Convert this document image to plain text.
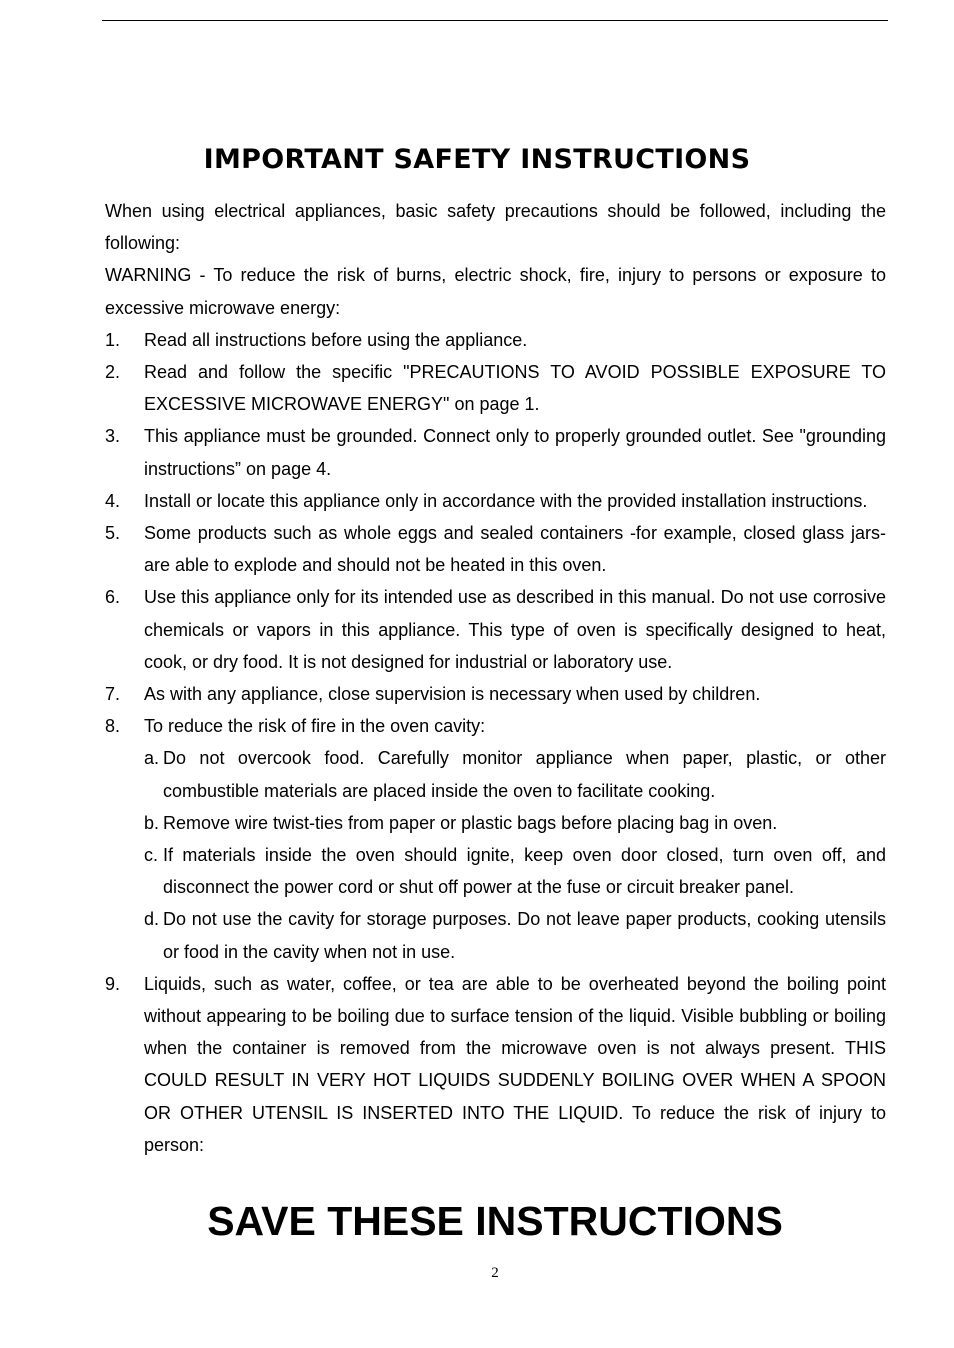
IMPORTANT SAFETY INSTRUCTIONS

When using electrical appliances, basic safety precautions should be followed, including the following:

WARNING - To reduce the risk of burns, electric shock, fire, injury to persons or exposure to excessive microwave energy:

1. Read all instructions before using the appliance.
2. Read and follow the specific "PRECAUTIONS TO AVOID POSSIBLE EXPOSURE TO EXCESSIVE MICROWAVE ENERGY" on page 1.
3. This appliance must be grounded. Connect only to properly grounded outlet. See "grounding instructions” on page 4.
4. Install or locate this appliance only in accordance with the provided installation instructions.
5. Some products such as whole eggs and sealed containers -for example, closed glass jars- are able to explode and should not be heated in this oven.
6. Use this appliance only for its intended use as described in this manual. Do not use corrosive chemicals or vapors in this appliance. This type of oven is specifically designed to heat, cook, or dry food. It is not designed for industrial or laboratory use.
7. As with any appliance, close supervision is necessary when used by children.
8. To reduce the risk of fire in the oven cavity:
a. Do not overcook food. Carefully monitor appliance when paper, plastic, or other combustible materials are placed inside the oven to facilitate cooking.
b. Remove wire twist-ties from paper or plastic bags before placing bag in oven.
c. If materials inside the oven should ignite, keep oven door closed, turn oven off, and disconnect the power cord or shut off power at the fuse or circuit breaker panel.
d. Do not use the cavity for storage purposes. Do not leave paper products, cooking utensils or food in the cavity when not in use.
9. Liquids, such as water, coffee, or tea are able to be overheated beyond the boiling point without appearing to be boiling due to surface tension of the liquid. Visible bubbling or boiling when the container is removed from the microwave oven is not always present. THIS COULD RESULT IN VERY HOT LIQUIDS SUDDENLY BOILING OVER WHEN A SPOON OR OTHER UTENSIL IS INSERTED INTO THE LIQUID. To reduce the risk of injury to person:
SAVE THESE INSTRUCTIONS
2
